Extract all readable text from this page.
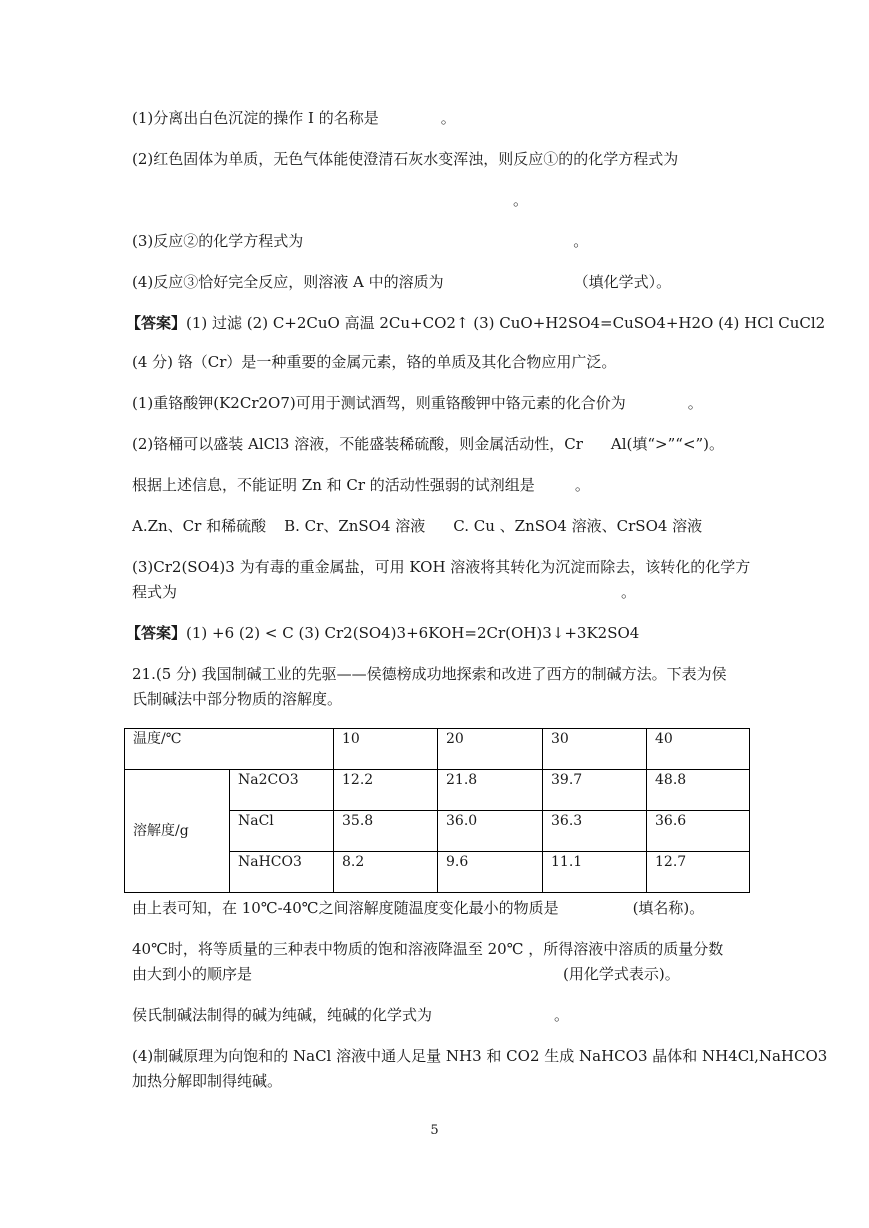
(1)分离出白色沉淀的操作 I 的名称是	。
(2)红色固体为单质，无色气体能使澄清石灰水变浑浊，则反应①的的化学方程式为
。
(3)反应②的化学方程式为	。
(4)反应③恰好完全反应，则溶液 A 中的溶质为	（填化学式）。
【答案】(1) 过滤 (2) C+2CuO 高温 2Cu+CO2↑ (3) CuO+H2SO4=CuSO4+H2O (4) HCl CuCl2
(4 分) 铬（Cr）是一种重要的金属元素，铬的单质及其化合物应用广泛。
(1)重铬酸钾(K2Cr2O7)可用于测试酒驾，则重铬酸钾中铬元素的化合价为	。
(2)铬桶可以盛装 AlCl3 溶液，不能盛装稀硫酸，则金属活动性，Cr Al(填“>”“<”)。
根据上述信息，不能证明 Zn 和 Cr 的活动性强弱的试剂组是	。
A.Zn、Cr 和稀硫酸 B. Cr、ZnSO4 溶液 C. Cu 、ZnSO4 溶液、CrSO4 溶液
(3)Cr2(SO4)3 为有毒的重金属盐，可用 KOH 溶液将其转化为沉淀而除去，该转化的化学方
程式为	。
【答案】(1) +6 (2) < C (3) Cr2(SO4)3+6KOH=2Cr(OH)3↓+3K2SO4
21.(5 分) 我国制碱工业的先驱——侯德榜成功地探索和改进了西方的制碱方法。下表为侯
氏制碱法中部分物质的溶解度。
温度/℃		10	20	30	40
溶解度/g	Na2CO3	12.2	21.8	39.7	48.8
	NaCl	35.8	36.0	36.3	36.6
	NaHCO3	8.2	9.6	11.1	12.7
由上表可知，在 10℃-40℃之间溶解度随温度变化最小的物质是	(填名称)。
40℃时，将等质量的三种表中物质的饱和溶液降温至 20℃ ，所得溶液中溶质的质量分数
由大到小的顺序是	(用化学式表示)。
侯氏制碱法制得的碱为纯碱，纯碱的化学式为	。
(4)制碱原理为向饱和的 NaCl 溶液中通人足量 NH3 和 CO2 生成 NaHCO3 晶体和 NH4Cl,NaHCO3
加热分解即制得纯碱。
5
